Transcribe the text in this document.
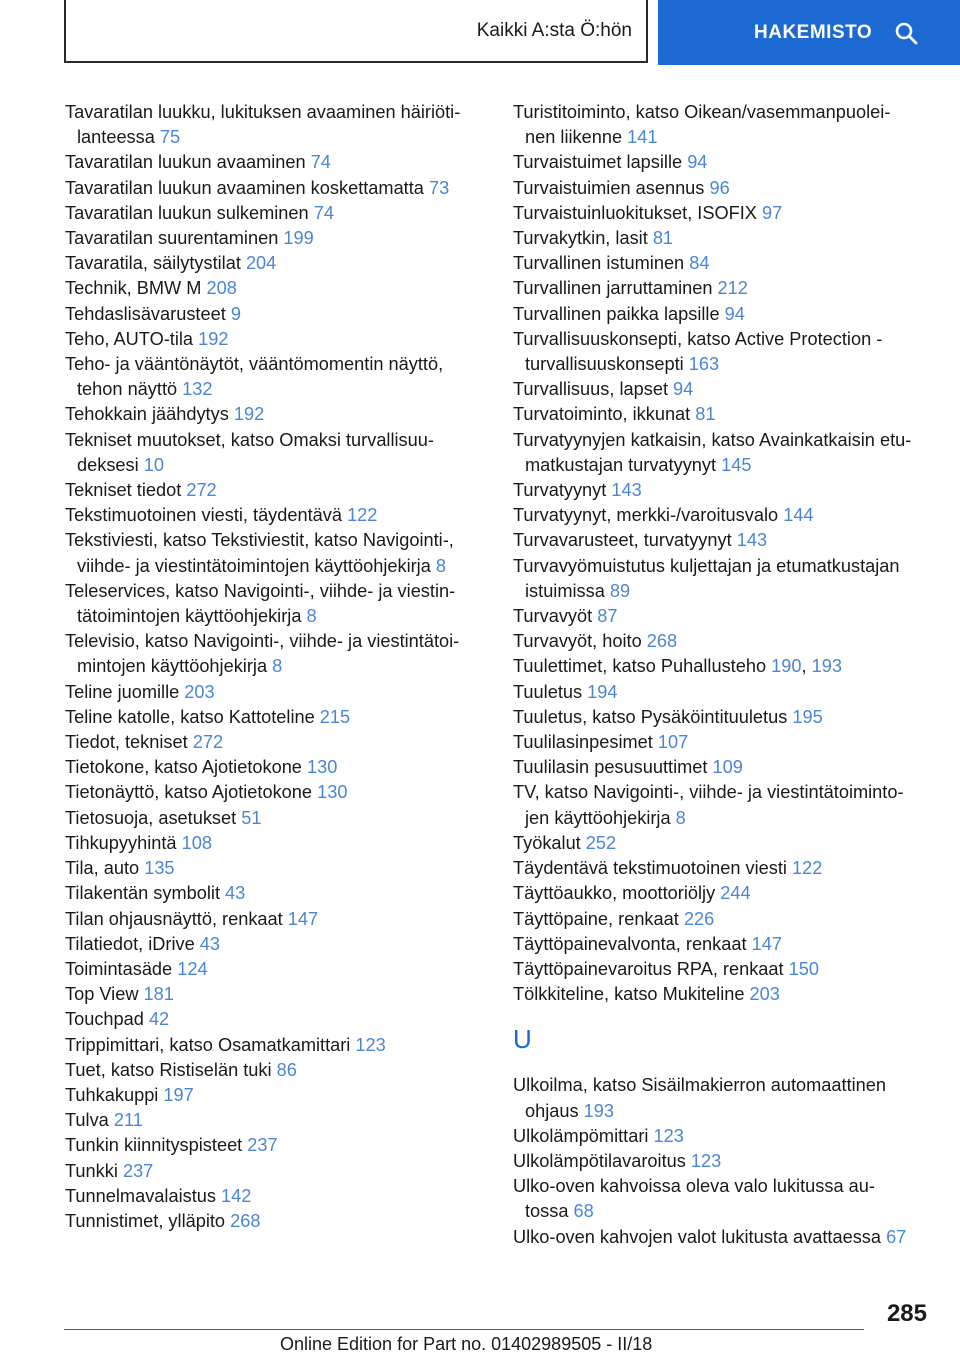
Kaikki A:sta Ö:hön	HAKEMISTO
Tavaratilan luukku, lukituksen avaaminen häiriöti-
lanteessa 75
Tavaratilan luukun avaaminen 74
Tavaratilan luukun avaaminen koskettamatta 73
Tavaratilan luukun sulkeminen 74
Tavaratilan suurentaminen 199
Tavaratila, säilytystilat 204
Technik, BMW M 208
Tehdaslisävarusteet 9
Teho, AUTO-tila 192
Teho- ja vääntönäytöt, vääntömomentin näyttö,
tehon näyttö 132
Tehokkain jäähdytys 192
Tekniset muutokset, katso Omaksi turvallisuu-
deksesi 10
Tekniset tiedot 272
Tekstimuotoinen viesti, täydentävä 122
Tekstiviesti, katso Tekstiviestit, katso Navigointi-,
viihde- ja viestintätoimintojen käyttöohjekirja 8
Teleservices, katso Navigointi-, viihde- ja viestin-
tätoimintojen käyttöohjekirja 8
Televisio, katso Navigointi-, viihde- ja viestintätoi-
mintojen käyttöohjekirja 8
Teline juomille 203
Teline katolle, katso Kattoteline 215
Tiedot, tekniset 272
Tietokone, katso Ajotietokone 130
Tietonäyttö, katso Ajotietokone 130
Tietosuoja, asetukset 51
Tihkupyyhintä 108
Tila, auto 135
Tilakentän symbolit 43
Tilan ohjausnäyttö, renkaat 147
Tilatiedot, iDrive 43
Toimintasäde 124
Top View 181
Touchpad 42
Trippimittari, katso Osamatkamittari 123
Tuet, katso Ristiselän tuki 86
Tuhkakuppi 197
Tulva 211
Tunkin kiinnityspisteet 237
Tunkki 237
Tunnelmavalaistus 142
Tunnistimet, ylläpito 268
Turistitoiminto, katso Oikean/vasemmanpuolei-
nen liikenne 141
Turvaistuimet lapsille 94
Turvaistuimien asennus 96
Turvaistuinluokitukset, ISOFIX 97
Turvakytkin, lasit 81
Turvallinen istuminen 84
Turvallinen jarruttaminen 212
Turvallinen paikka lapsille 94
Turvallisuuskonsepti, katso Active Protection -
turvallisuuskonsepti 163
Turvallisuus, lapset 94
Turvatoiminto, ikkunat 81
Turvatyynyjen katkaisin, katso Avainkatkaisin etu-
matkustajan turvatyynyt 145
Turvatyynyt 143
Turvatyynyt, merkki-/varoitusvalo 144
Turvavarusteet, turvatyynyt 143
Turvavyömuistutus kuljettajan ja etumatkustajan
istuimissa 89
Turvavyöt 87
Turvavyöt, hoito 268
Tuulettimet, katso Puhallusteho 190, 193
Tuuletus 194
Tuuletus, katso Pysäköintituuletus 195
Tuulilasinpesimet 107
Tuulilasin pesusuuttimet 109
TV, katso Navigointi-, viihde- ja viestintätoiminto-
jen käyttöohjekirja 8
Työkalut 252
Täydentävä tekstimuotoinen viesti 122
Täyttöaukko, moottoriöljy 244
Täyttöpaine, renkaat 226
Täyttöpainevalvonta, renkaat 147
Täyttöpainevaroitus RPA, renkaat 150
Tölkkiteline, katso Mukiteline 203
U
Ulkoilma, katso Sisäilmakierron automaattinen
ohjaus 193
Ulkolämpömittari 123
Ulkolämpötilavaroitus 123
Ulko-oven kahvoissa oleva valo lukitussa au-
tossa 68
Ulko-oven kahvojen valot lukitusta avattaessa 67
285
Online Edition for Part no. 01402989505 - II/18
